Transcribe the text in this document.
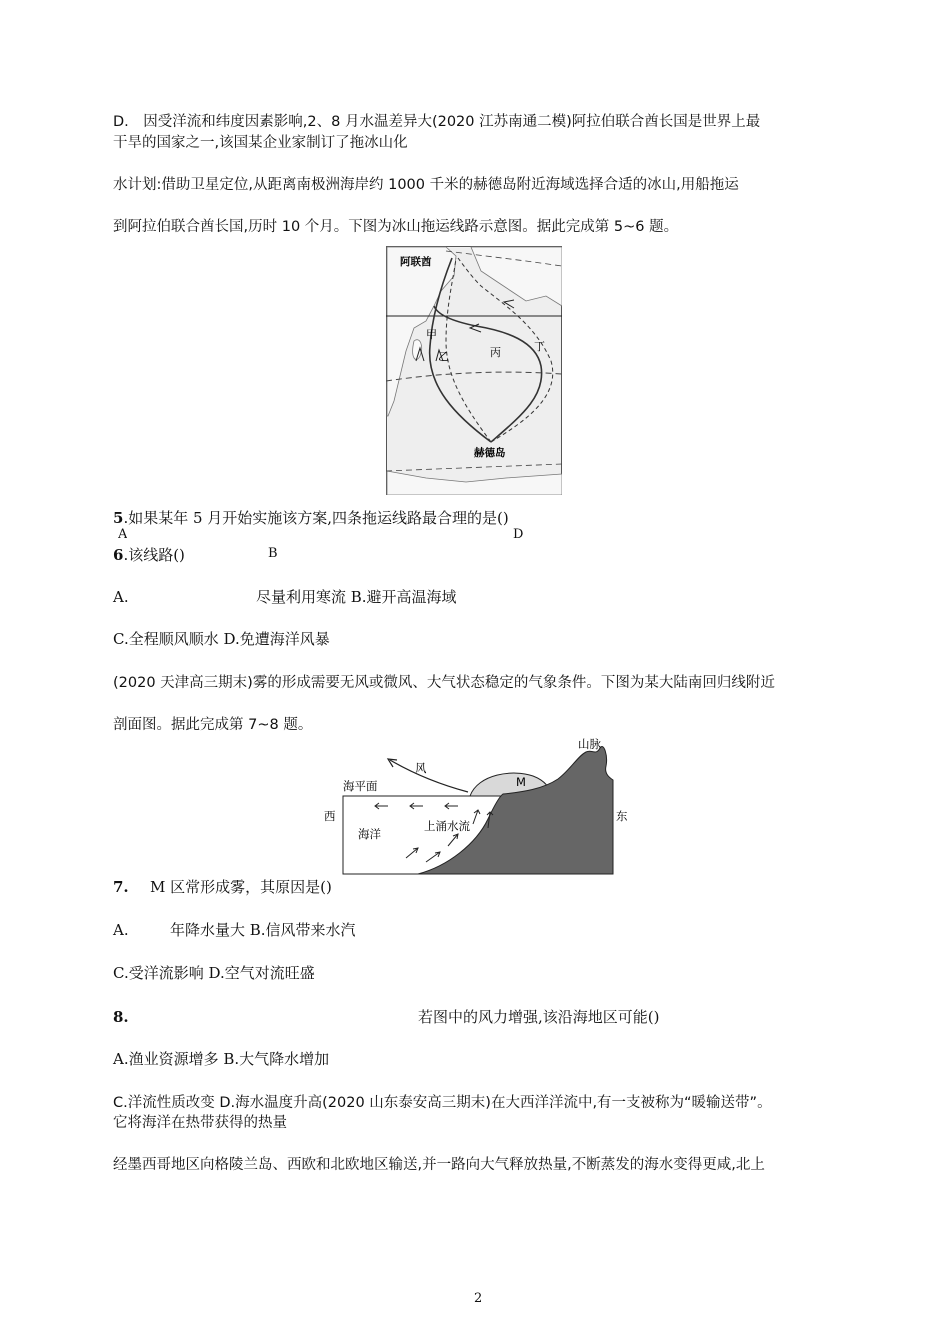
D.　因受洋流和纬度因素影响,2、8 月水温差异大(2020 江苏南通二模)阿拉伯联合酋长国是世界上最
干旱的国家之一,该国某企业家制订了拖冰山化
水计划:借助卫星定位,从距离南极洲海岸约 1000 千米的赫德岛附近海域选择合适的冰山,用船拖运
到阿拉伯联合酋长国,历时 10 个月。下图为冰山拖运线路示意图。据此完成第 5~6 题。
阿联酋
甲
乙	丙	丁
赫德岛
5.如果某年 5 月开始实施该方案,四条拖运线路最合理的是()
A	D
6.该线路()	B
A.	尽量利用寒流 B.避开高温海域
C.全程顺风顺水 D.免遭海洋风暴
(2020 天津高三期末)雾的形成需要无风或微风、大气状态稳定的气象条件。下图为某大陆南回归线附近
剖面图。据此完成第 7~8 题。
山脉
风
M
海平面
西	东
海洋
上涌水流
7. M 区常形成雾，其原因是()
A.	年降水量大 B.信风带来水汽
C.受洋流影响 D.空气对流旺盛
8.	若图中的风力增强,该沿海地区可能()
A.渔业资源增多 B.大气降水增加
C.洋流性质改变 D.海水温度升高(2020 山东泰安高三期末)在大西洋洋流中,有一支被称为“暖输送带”。
它将海洋在热带获得的热量
经墨西哥地区向格陵兰岛、西欧和北欧地区输送,并一路向大气释放热量,不断蒸发的海水变得更咸,北上
2
